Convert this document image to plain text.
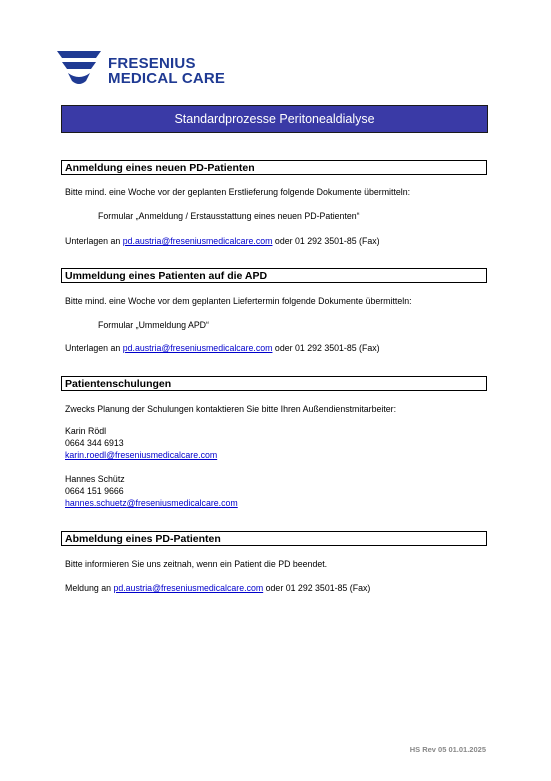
FRESENIUS
MEDICAL CARE
Standardprozesse Peritonealdialyse
Anmeldung eines neuen PD-Patienten
Bitte mind. eine Woche vor der geplanten Erstlieferung folgende Dokumente übermitteln:
Formular „Anmeldung / Erstausstattung eines neuen PD-Patienten“
Unterlagen an pd.austria@freseniusmedicalcare.com oder 01 292 3501-85 (Fax)
Ummeldung eines Patienten auf die APD
Bitte mind. eine Woche vor dem geplanten Liefertermin folgende Dokumente übermitteln:
Formular „Ummeldung APD“
Unterlagen an pd.austria@freseniusmedicalcare.com oder 01 292 3501-85 (Fax)
Patientenschulungen
Zwecks Planung der Schulungen kontaktieren Sie bitte Ihren Außendienstmitarbeiter:
Karin Rödl
0664 344 6913
karin.roedl@freseniusmedicalcare.com
Hannes Schütz
0664 151 9666
hannes.schuetz@freseniusmedicalcare.com
Abmeldung eines PD-Patienten
Bitte informieren Sie uns zeitnah, wenn ein Patient die PD beendet.
Meldung an pd.austria@freseniusmedicalcare.com oder 01 292 3501-85 (Fax)
HS Rev 05 01.01.2025
